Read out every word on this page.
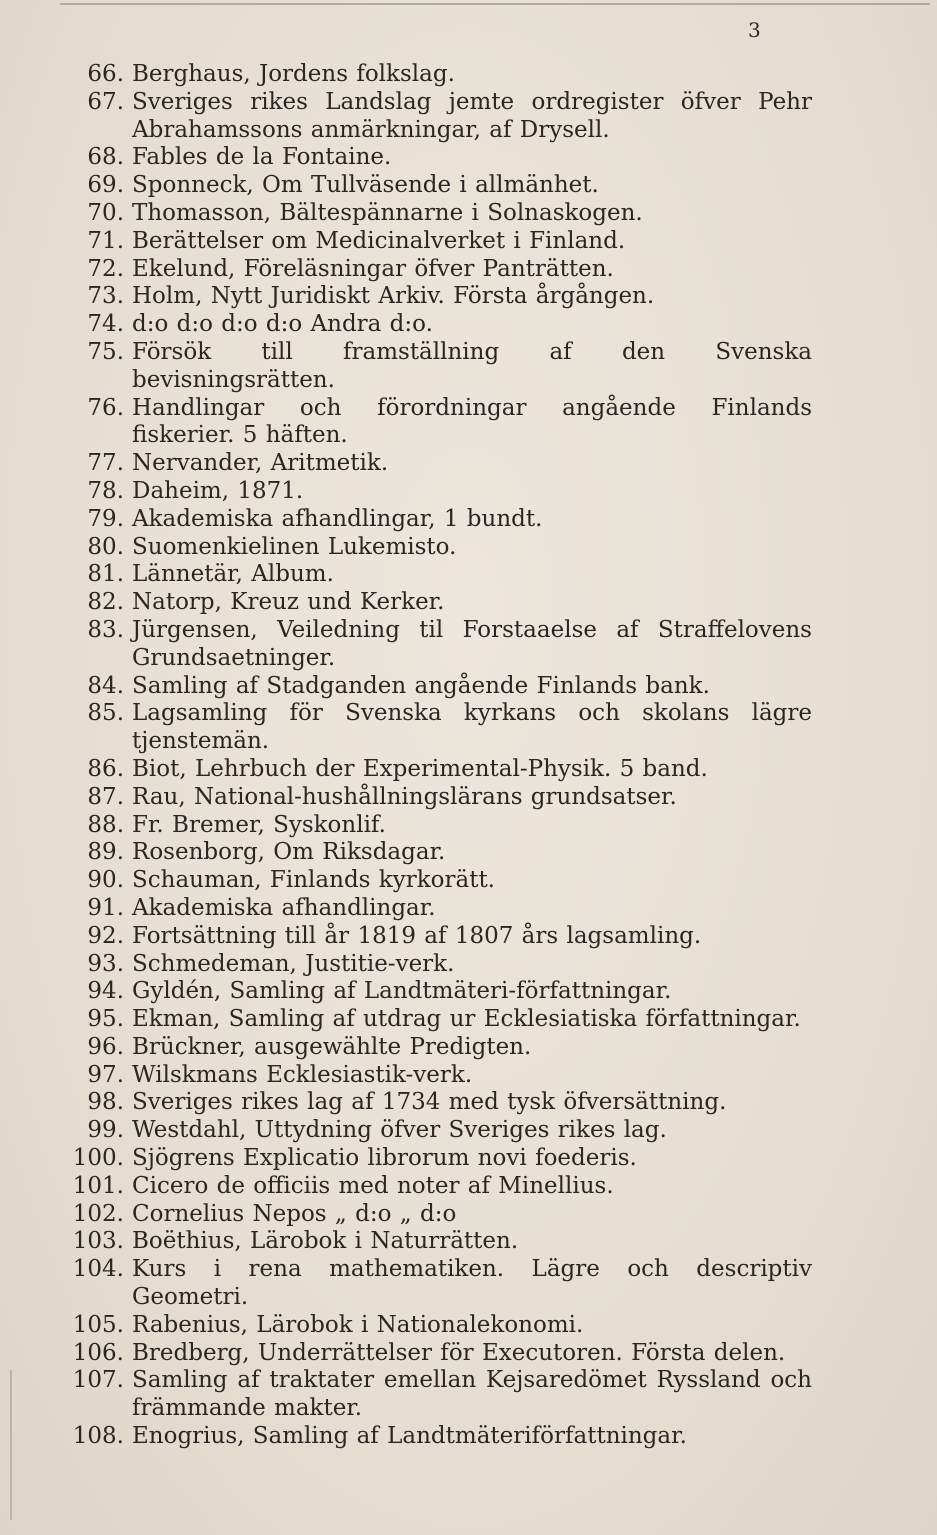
3
66. Berghaus, Jordens folkslag.
67. Sveriges rikes Landslag jemte ordregister öfver Pehr Abrahamssons anmärkningar, af Drysell.
68. Fables de la Fontaine.
69. Sponneck, Om Tullväsende i allmänhet.
70. Thomasson, Bältespännarne i Solnaskogen.
71. Berättelser om Medicinalverket i Finland.
72. Ekelund, Föreläsningar öfver Panträtten.
73. Holm, Nytt Juridiskt Arkiv. Första årgången.
74. d:o d:o d:o d:o Andra d:o.
75. Försök till framställning af den Svenska bevisningsrätten.
76. Handlingar och förordningar angående Finlands fiskerier. 5 häften.
77. Nervander, Aritmetik.
78. Daheim, 1871.
79. Akademiska afhandlingar, 1 bundt.
80. Suomenkielinen Lukemisto.
81. Lännetär, Album.
82. Natorp, Kreuz und Kerker.
83. Jürgensen, Veiledning til Forstaaelse af Straffelovens Grundsaetninger.
84. Samling af Stadganden angående Finlands bank.
85. Lagsamling för Svenska kyrkans och skolans lägre tjenstemän.
86. Biot, Lehrbuch der Experimental-Physik. 5 band.
87. Rau, National-hushållningslärans grundsatser.
88. Fr. Bremer, Syskonlif.
89. Rosenborg, Om Riksdagar.
90. Schauman, Finlands kyrkorätt.
91. Akademiska afhandlingar.
92. Fortsättning till år 1819 af 1807 års lagsamling.
93. Schmedeman, Justitie-verk.
94. Gyldén, Samling af Landtmäteri-författningar.
95. Ekman, Samling af utdrag ur Ecklesiatiska författningar.
96. Brückner, ausgewählte Predigten.
97. Wilskmans Ecklesiastik-verk.
98. Sveriges rikes lag af 1734 med tysk öfversättning.
99. Westdahl, Uttydning öfver Sveriges rikes lag.
100. Sjögrens Explicatio librorum novi foederis.
101. Cicero de officiis med noter af Minellius.
102. Cornelius Nepos „ d:o „ d:o
103. Boëthius, Lärobok i Naturrätten.
104. Kurs i rena mathematiken. Lägre och descriptiv Geometri.
105. Rabenius, Lärobok i Nationalekonomi.
106. Bredberg, Underrättelser för Executoren. Första delen.
107. Samling af traktater emellan Kejsaredömet Ryssland och främmande makter.
108. Enogrius, Samling af Landtmäteriförfattningar.
